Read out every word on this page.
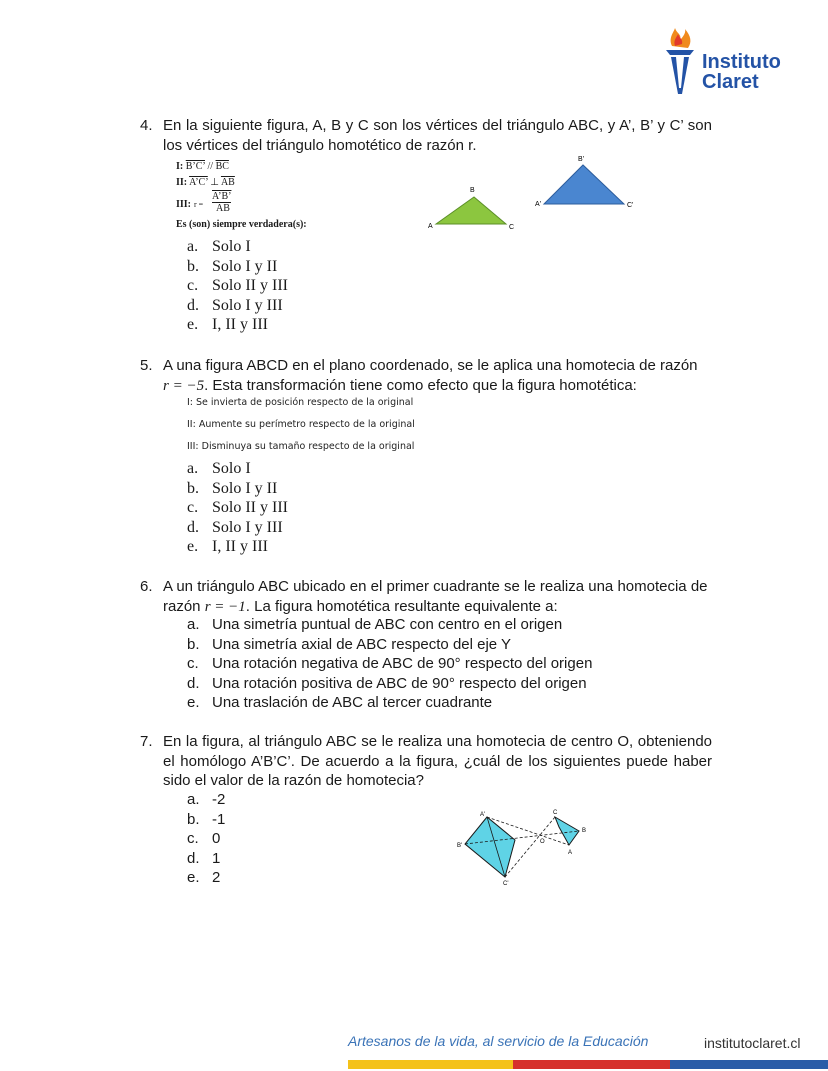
Instituto
Claret
4. En la siguiente figura, A, B y C son los vértices del triángulo ABC, y A’, B’ y C’ son los vértices del triángulo homotético de razón r.
I: B’C’ // $\overline{BC}$
II: A’C’ ⊥ $\overline{AB}$
III: r =
A’B’
$\overline{AB}$
Es (son) siempre verdadera(s):	A
B
C
A'
B'
C'
a. Solo I
b. Solo I y II
c. Solo II y III
d. Solo I y III
e. I, II y III
5. A una figura ABCD en el plano coordenado, se le aplica una homotecia de razón
r = −5. Esta transformación tiene como efecto que la figura homotética:
I: Se invierta de posición respecto de la original
II: Aumente su perímetro respecto de la original
III: Disminuya su tamaño respecto de la original
a. Solo I
b. Solo I y II
c. Solo II y III
d. Solo I y III
e. I, II y III
6. A un triángulo ABC ubicado en el primer cuadrante se le realiza una homotecia de
razón r = −1. La figura homotética resultante equivalente a:
a. Una simetría puntual de ABC con centro en el origen
b. Una simetría axial de ABC respecto del eje Y
c. Una rotación negativa de ABC de 90° respecto del origen
d. Una rotación positiva de ABC de 90° respecto del origen
e. Una traslación de ABC al tercer cuadrante
7. En la figura, al triángulo ABC se le realiza una homotecia de centro O, obteniendo el homólogo A’B’C’. De acuerdo a la figura, ¿cuál de los siguientes puede haber sido el valor de la razón de homotecia?
a. -2
b. -1
c. 0
d. 1
e. 2
A'
B'
C'
O
C
B
A
Artesanos de la vida, al servicio de la Educación	institutoclaret.cl
